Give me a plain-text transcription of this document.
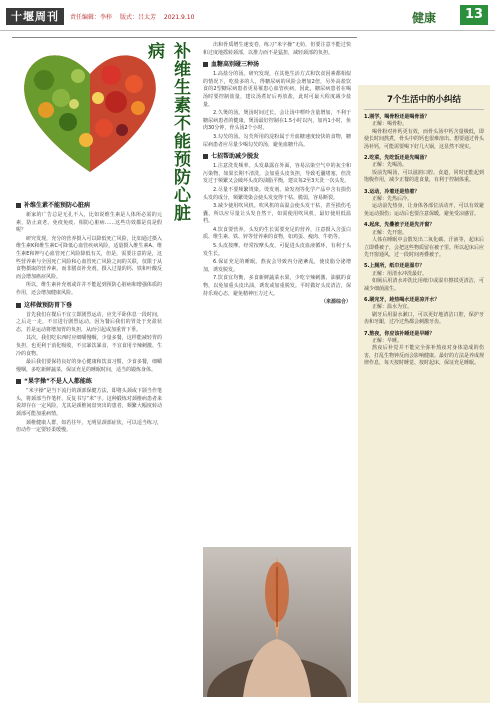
十堰周刊	责任编辑：李梓 版式：吕太芳 2021.9.10	健康	13
补维生素不能预防心脏病
补维生素不能预防心脏病

新家的广告总是无孔不入，比如说维生素是人体所必需的元素，防止衰老、免疫免疫、相防心脏病……这些功效都是真是假呢？

研究发现，充分的营养摄入可以降低死亡风险，比如通过摄入维生素K和维生素C可降低心血管疾病风险，适量摄入维生素A、维生素E和钾与心血管死亡风险降低有关，但是，需要注意的是，这些营养素与全因死亡风险和心血管死亡风险之间的关联，仅限于从食物摄取的营养素，而非膳食补充剂。摄入过量的钙、铁和叶酸反而会增加癌症风险。

所以，维生素补充剂或许并不能起到预防心脏病和增强体质的作用，还会增加健康风险。

这样做预防胃下垂

首先我们在餐后不宜立即剧烈运动，应先平卧休息一段时间，之后走一走，不宜进行剧烈运动。因为餐后我们的胃处于充盈状态，若是运动将增加胃的负担，从而引起或加重胃下垂。

其次，我们吃东西时应细嚼慢咽，少量多餐，这样能减轻胃的负担，也更利于消化吸收，不宜暴饮暴食，不宜食用辛辣刺激、生冷的食物。

最后我们要保持良好的身心健康和饮食习惯，少食多餐，细嚼慢咽，多吃新鲜蔬菜，保证充足的睡眠时间，适当的锻炼身体。

“果字操”不是人人都能练

“米字操”是当下流行的颈部保健方法，即将头颈或下颌当作笔头，将颈部当作笔杆，反复书写“米”字。这种锻炼对颈椎病患者来说却存在一定风险，尤其是颈椎间盘突出的患者，频繁大幅度转动颈部可能加重病情。

颈椎健康人群，如若往年，无明显颈部症状，可以适当练习，但动作一定要轻柔缓慢。

出和骨质增生速变卷，练习“米字操”无妨，但要注意不能过快和过度地摇转颈部，以推力而不是猛扭，减轻颈部的负担。

血糖高别碰三种汤

1.高盐分的汤。研究发现，在其他生活方式和饮食因素都相似的情况下，吃盐多的人，得糖尿病的风险会增加2倍，另外高盐饮食的2型糖尿病患者更易罹患心血管疾病，因此，糖尿病患者在喝汤时要控制盐量，建议汤煮好后再放盐，此时可最大程度减少盐量。

2.久煲的汤。煲汤时间过长，会让汤中嘌呤含量增加，不利于糖尿病患者的健康。煲汤最好控制在1.5小时以内，加内1小时，鱼肉30分钟，骨头汤2个小时。

3.勾芡的汤。勾芡所用的淀粉属于升血糖速度较快的食物，糖尿病患者应尽量少喝勾芡的汤，避免血糖升高。

七招帮助减少脱发

1.注意洗发频率。头发暴露在外面，容易沾染空气中的灰尘和污染物，如果长期不清洗，会加重头皮负担，导致毛囊堵塞，但洗发过于频繁又会破坏头皮的油脂平衡，建议每2至3天洗一次头发。

2.尽量不要频繁烫染。烫发剂、染发剂等化学产品中含有损伤头发的成分，频繁烫染会使头发变得干枯、脆弱，容易断裂。

3.减少使用吹风机。吹风机的高温会使头发干枯，甚至损伤毛囊，所以应尽量让头发自然干，如需使用吹风机，最好使用低温档。

4.饮食要营养。头发的生长需要充足的营养，注意摄入含蛋白质、维生素、铁、锌等营养素的食物，如鸡蛋、瘦肉、牛奶等。

5.头皮按摩。经常按摩头皮，可促进头皮血液循环，有利于头发生长。

6.保证充足的睡眠。熬夜会导致内分泌紊乱，使皮脂分泌增加，诱发脱发。

7.饮食宜均衡，多食新鲜蔬菜水果，少吃辛辣刺激、油腻的食物，以免加重头皮出油，诱发或加重脱发。平时做好头皮清洁，保持乐观心态，避免精神压力过大。

（来源综合）
7个生活中的小纠结
1.刚学，喝骨粉还是喝骨汤？
正解：喝骨粉。

喝骨粉对补钙更有效，而骨头汤中钙含量极低，即使长时间熬煮，骨头中的钙也很难溶出。想要通过骨头汤补钙，可能需要喝下好几大锅，这显然不现实。

2.吃菜，先吃饭还是先喝汤？
正解：先喝汤。

饭前先喝汤，可以滋润口腔、食道，同时还能起到饱腹作用，减少正餐的进食量，有利于控制体重。

3.运动，冷着还是热着？
正解：先热后冷。

运动前先热身，让身体各部位活动开，可以有效避免运动损伤；运动后也要注意保暖，避免受凉感冒。

4.起床，先叠被子还是先开窗？
正解：先开窗。

人体在睡眠中会散发出二氧化碳、汗液等，起床后立即叠被子，会把这些物质留在被子里。所以起床后应先开窗通风，过一段时间再叠被子。

5.上厕所，纸巾还是湿巾？
正解：用清水冲洗最好。

如厕后用清水冲洗比用纸巾或湿巾擦拭更清洁，可减少细菌滋生。

6.刷完牙，趁热喝水还是凉开水？
正解：温水为宜。

刷牙后用温水漱口，可以更好地清洁口腔，保护牙齿和牙龈，过冷过热都会刺激牙齿。

7.熬夜，你应该补睡还是早睡？
正解：早睡。

熬夜后补觉并不能完全弥补熬夜对身体造成的伤害，打乱生物钟反而会影响健康。最好的方法是养成规律作息，每天按时睡觉、按时起床，保证充足睡眠。
